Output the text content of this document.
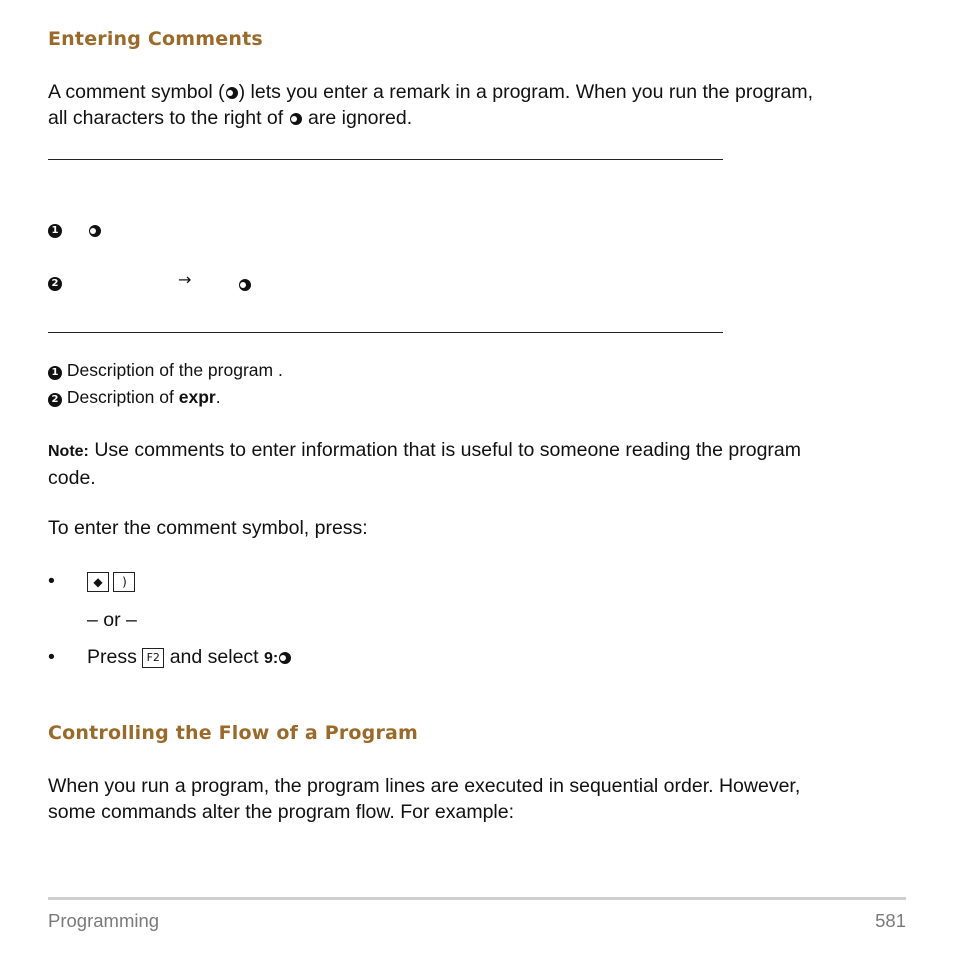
Entering Comments
A comment symbol ( ) lets you enter a remark in a program. When you run the program,
all characters to the right of are ignored.
1

2	→
1 Description of the program .
2 Description of expr.
Note: Use comments to enter information that is useful to someone reading the program
code.
To enter the comment symbol, press:
•	◆ )
– or –
• Press F2 and select 9:
Controlling the Flow of a Program
When you run a program, the program lines are executed in sequential order. However,
some commands alter the program flow. For example:
Programming	581
